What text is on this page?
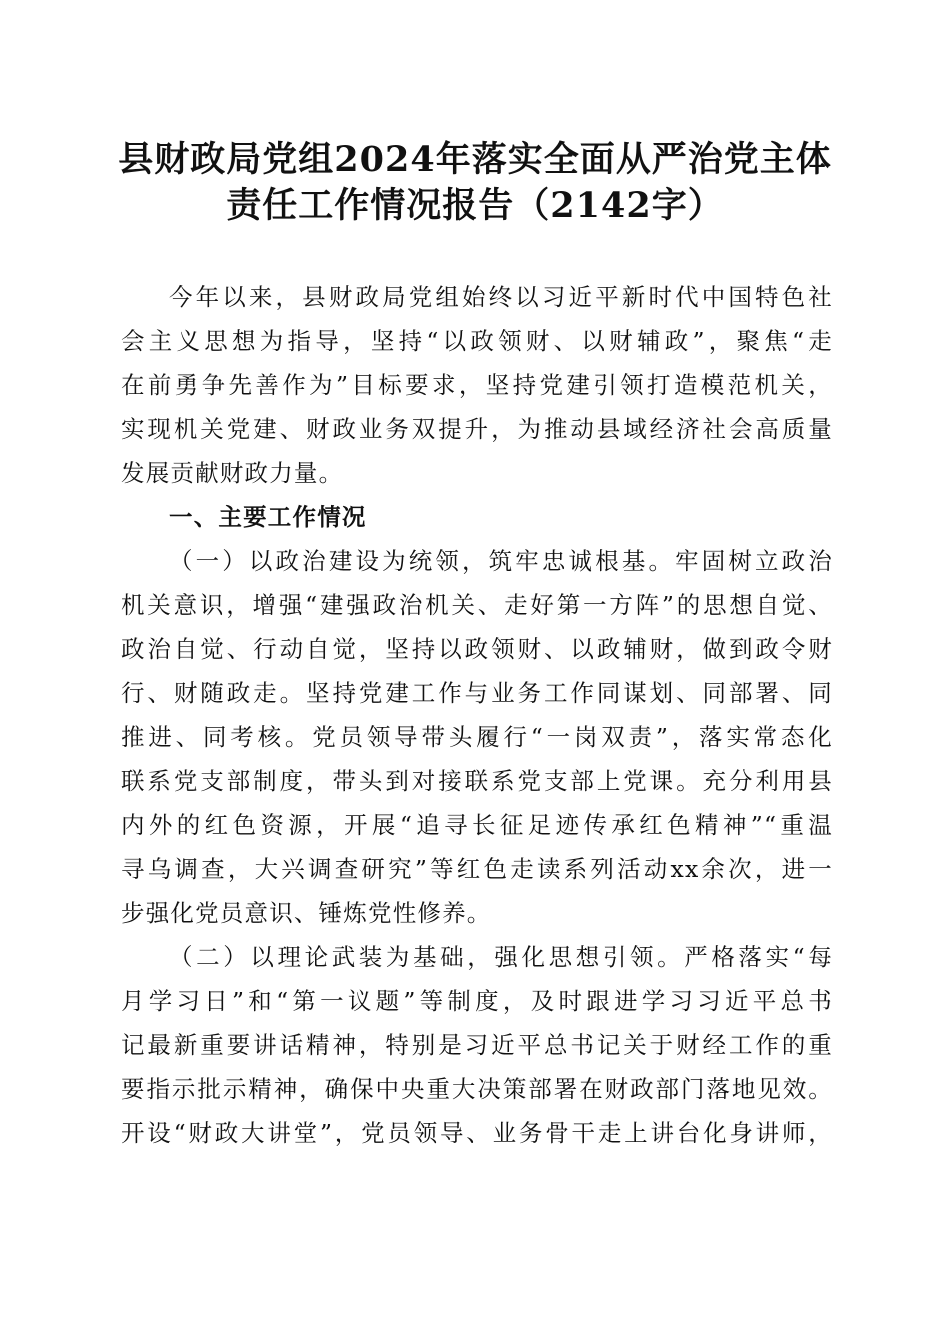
县财政局党组2024年落实全面从严治党主体
责任工作情况报告（2142字）
今年以来，县财政局党组始终以习近平新时代中国特色社
会主义思想为指导，坚持“以政领财、以财辅政”，聚焦“走
在前勇争先善作为”目标要求，坚持党建引领打造模范机关，
实现机关党建、财政业务双提升，为推动县域经济社会高质量
发展贡献财政力量。
一、主要工作情况
（一）以政治建设为统领，筑牢忠诚根基。牢固树立政治
机关意识，增强“建强政治机关、走好第一方阵”的思想自觉、
政治自觉、行动自觉，坚持以政领财、以政辅财，做到政令财
行、财随政走。坚持党建工作与业务工作同谋划、同部署、同
推进、同考核。党员领导带头履行“一岗双责”，落实常态化
联系党支部制度，带头到对接联系党支部上党课。充分利用县
内外的红色资源，开展“追寻长征足迹传承红色精神”“重温
寻乌调查，大兴调查研究”等红色走读系列活动xx余次，进一
步强化党员意识、锤炼党性修养。
（二）以理论武装为基础，强化思想引领。严格落实“每
月学习日”和“第一议题”等制度，及时跟进学习习近平总书
记最新重要讲话精神，特别是习近平总书记关于财经工作的重
要指示批示精神，确保中央重大决策部署在财政部门落地见效。
开设“财政大讲堂”，党员领导、业务骨干走上讲台化身讲师，
